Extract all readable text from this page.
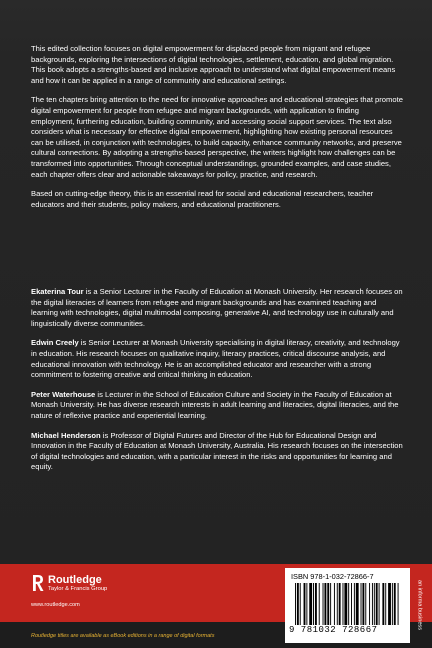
This edited collection focuses on digital empowerment for displaced people from migrant and refugee backgrounds, exploring the intersections of digital technologies, settlement, education, and global migration. This book adopts a strengths-based and inclusive approach to understand what digital empowerment means and how it can be applied in a range of community and educational settings.

The ten chapters bring attention to the need for innovative approaches and educational strategies that promote digital empowerment for people from refugee and migrant backgrounds, with application to finding employment, furthering education, building community, and accessing social support services. The text also considers what is necessary for effective digital empowerment, highlighting how existing personal resources can be utilised, in conjunction with technologies, to build capacity, enhance community networks, and preserve cultural connections. By adopting a strengths-based perspective, the writers highlight how challenges can be transformed into opportunities. Through conceptual understandings, grounded examples, and case studies, each chapter offers clear and actionable takeaways for policy, practice, and research.

Based on cutting-edge theory, this is an essential read for social and educational researchers, teacher educators and their students, policy makers, and educational practitioners.

Ekaterina Tour is a Senior Lecturer in the Faculty of Education at Monash University. Her research focuses on the digital literacies of learners from refugee and migrant backgrounds and has examined teaching and learning with technologies, digital multimodal composing, generative AI, and technology use in culturally and linguistically diverse communities.

Edwin Creely is Senior Lecturer at Monash University specialising in digital literacy, creativity, and technology in education. His research focuses on qualitative inquiry, literacy practices, critical discourse analysis, and educational innovation with technology. He is an accomplished educator and researcher with a strong commitment to fostering creative and critical thinking in education.

Peter Waterhouse is Lecturer in the School of Education Culture and Society in the Faculty of Education at Monash University. He has diverse research interests in adult learning and literacies, digital literacies, and the nature of reflexive practice and experiential learning.

Michael Henderson is Professor of Digital Futures and Director of the Hub for Educational Design and Innovation in the Faculty of Education at Monash University, Australia. His research focuses on the intersection of digital technologies and education, with a particular interest in the risks and opportunities for learning and equity.

Routledge
Taylor & Francis Group
www.routledge.com
Routledge titles are available as eBook editions in a range of digital formats
ISBN 978-1-032-72866-7
9 781032 728667	an informa business
